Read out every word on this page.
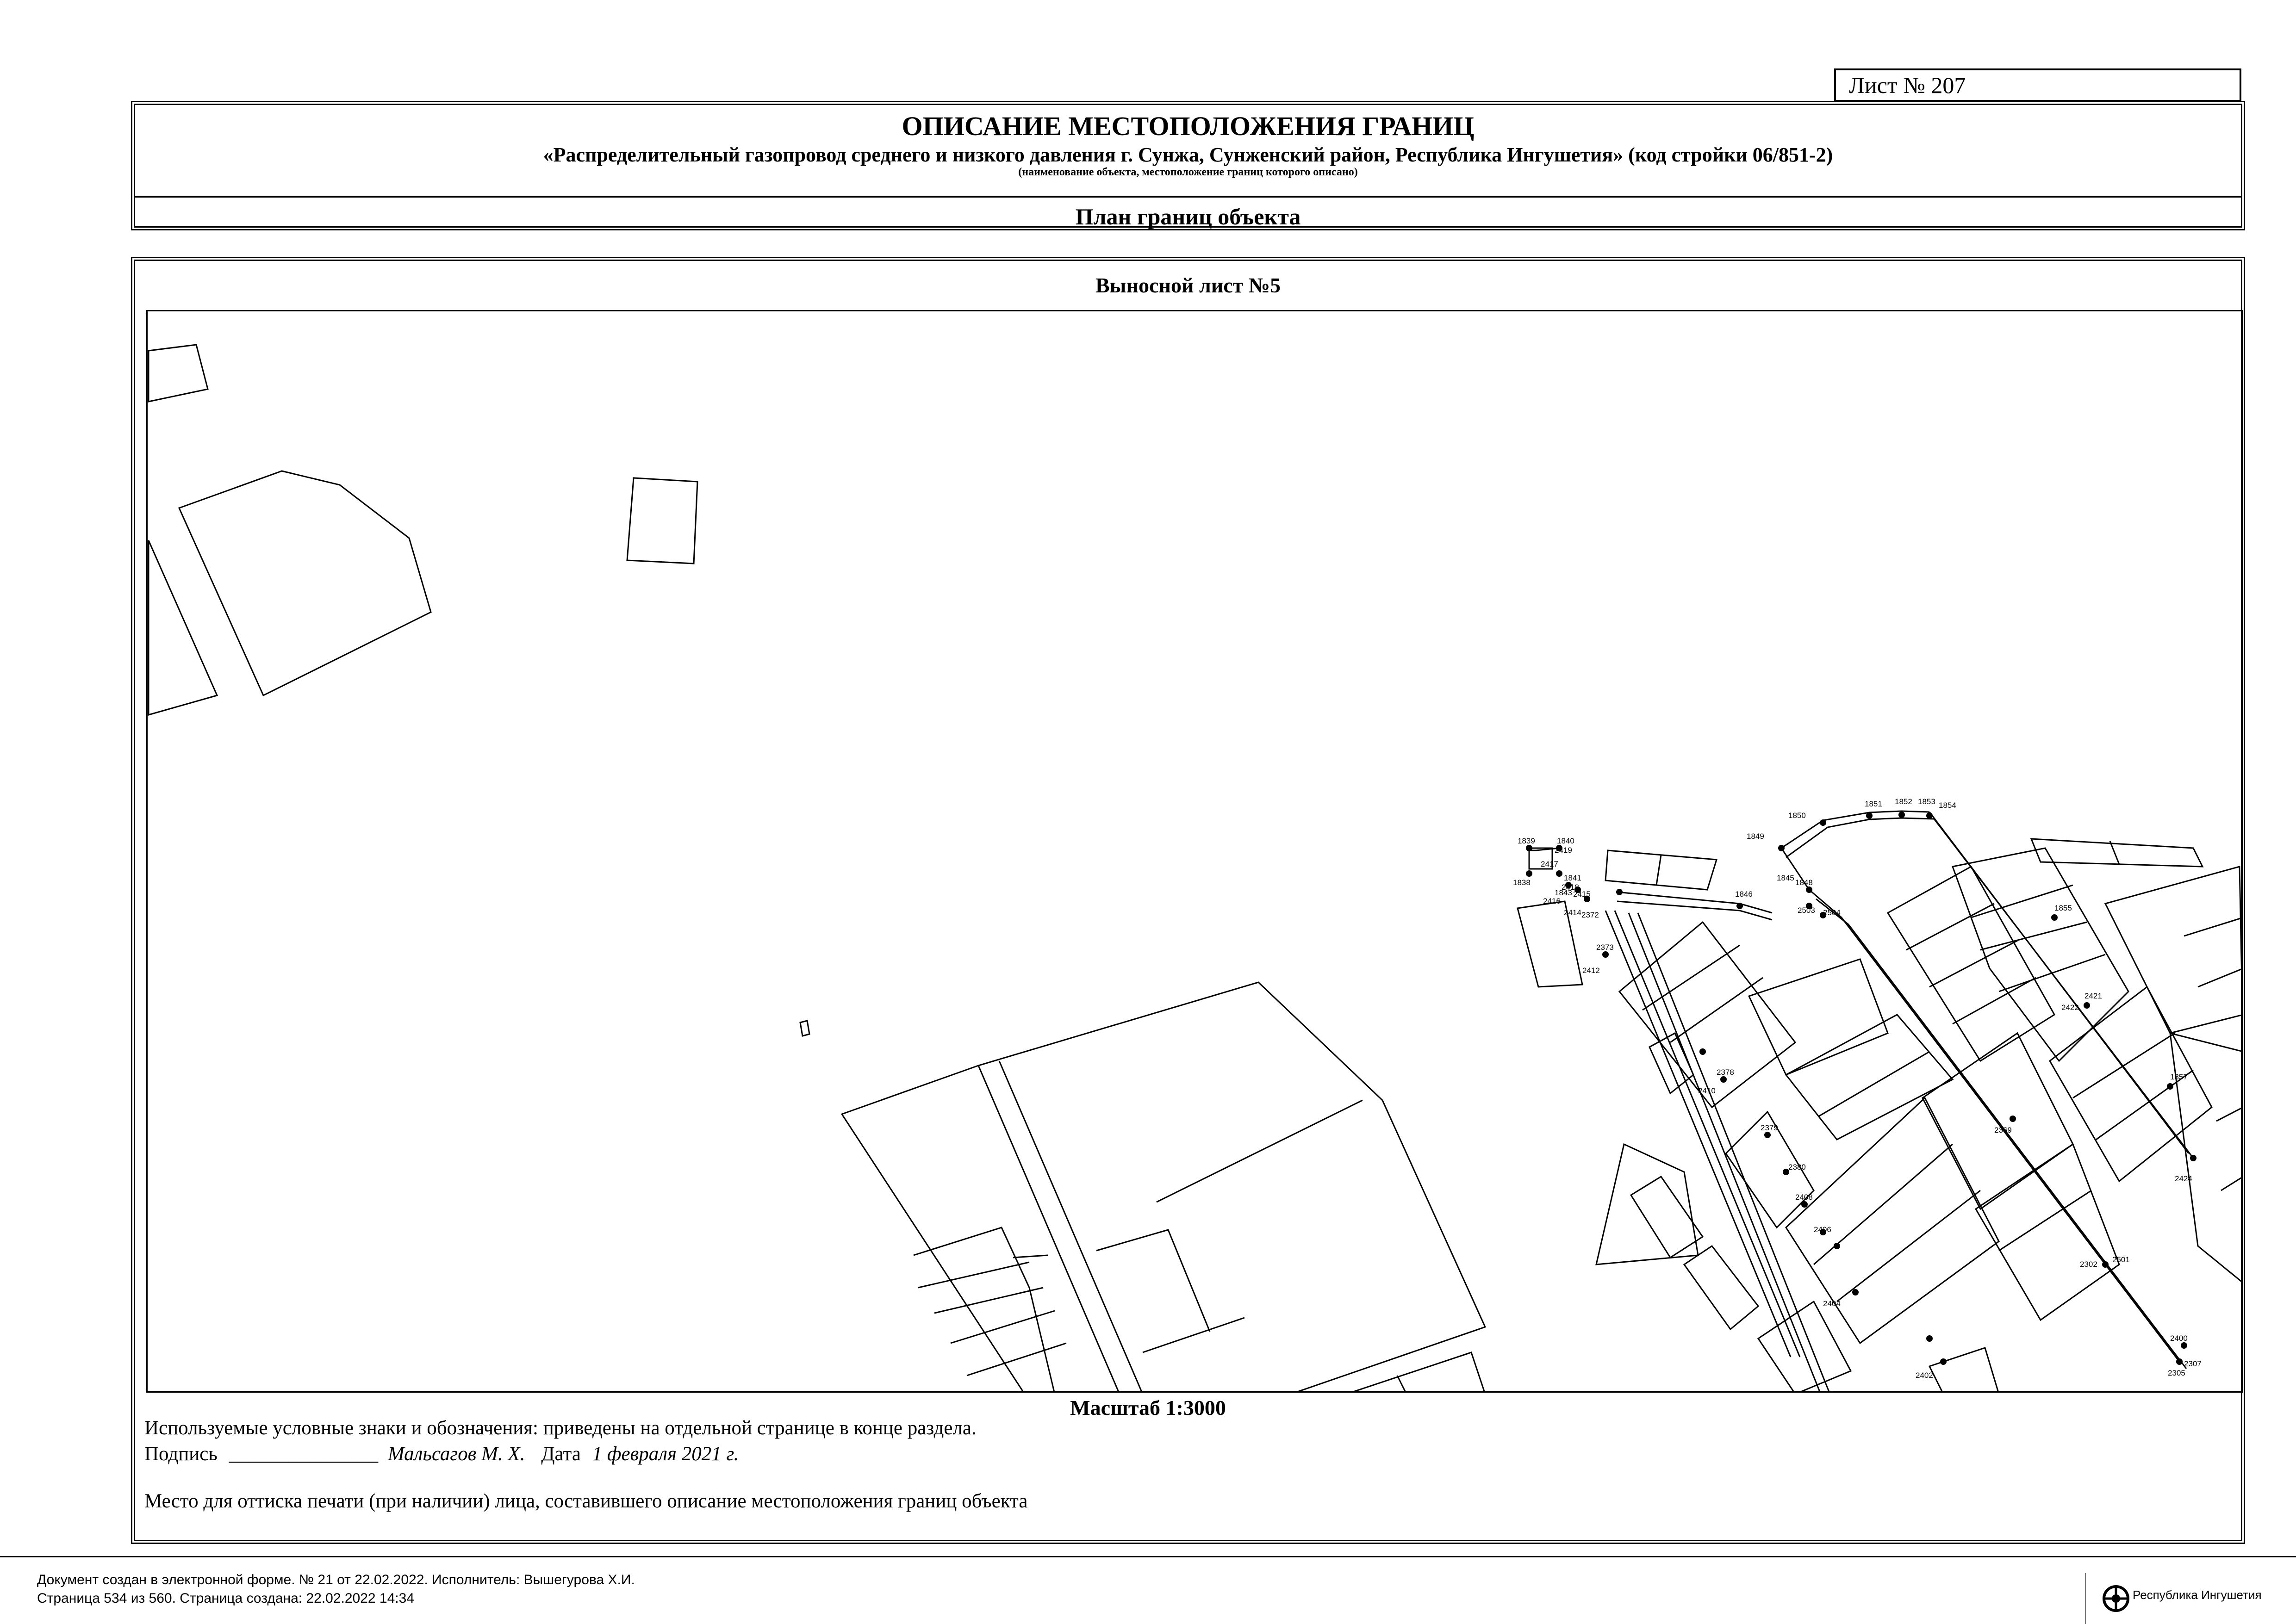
Лист № 207
ОПИСАНИЕ МЕСТОПОЛОЖЕНИЯ ГРАНИЦ
«Распределительный газопровод среднего и низкого давления г. Сунжа, Сунженский район, Республика Ингушетия» (код стройки 06/851-2)
(наименование объекта, местоположение границ которого описано)
План границ объекта
Выносной лист №5
1839	1840
1838
2417
1841
1843
2416
2415
2414 2372
2373
2412
1846
1845
1848
1849
1850
1851 1852 1853 1854
2504
2503	1855
2422
2421
1857
2424
2378
2410
2379
2380
2408
2406
2404
2402
2369
2501
2302
2400
2305
2307
2419
2418
Масштаб 1:3000
Используемые условные знаки и обозначения: приведены на отдельной странице в конце раздела.
Подпись _______________ Мальсагов М. Х. Дата 1 февраля 2021 г.
Место для оттиска печати (при наличии) лица, составившего описание местоположения границ объекта
Документ создан в электронной форме. № 21 от 22.02.2022. Исполнитель: Вышегурова Х.И.
Страница 534 из 560. Страница создана: 22.02.2022 14:34	Республика Ингушетия
